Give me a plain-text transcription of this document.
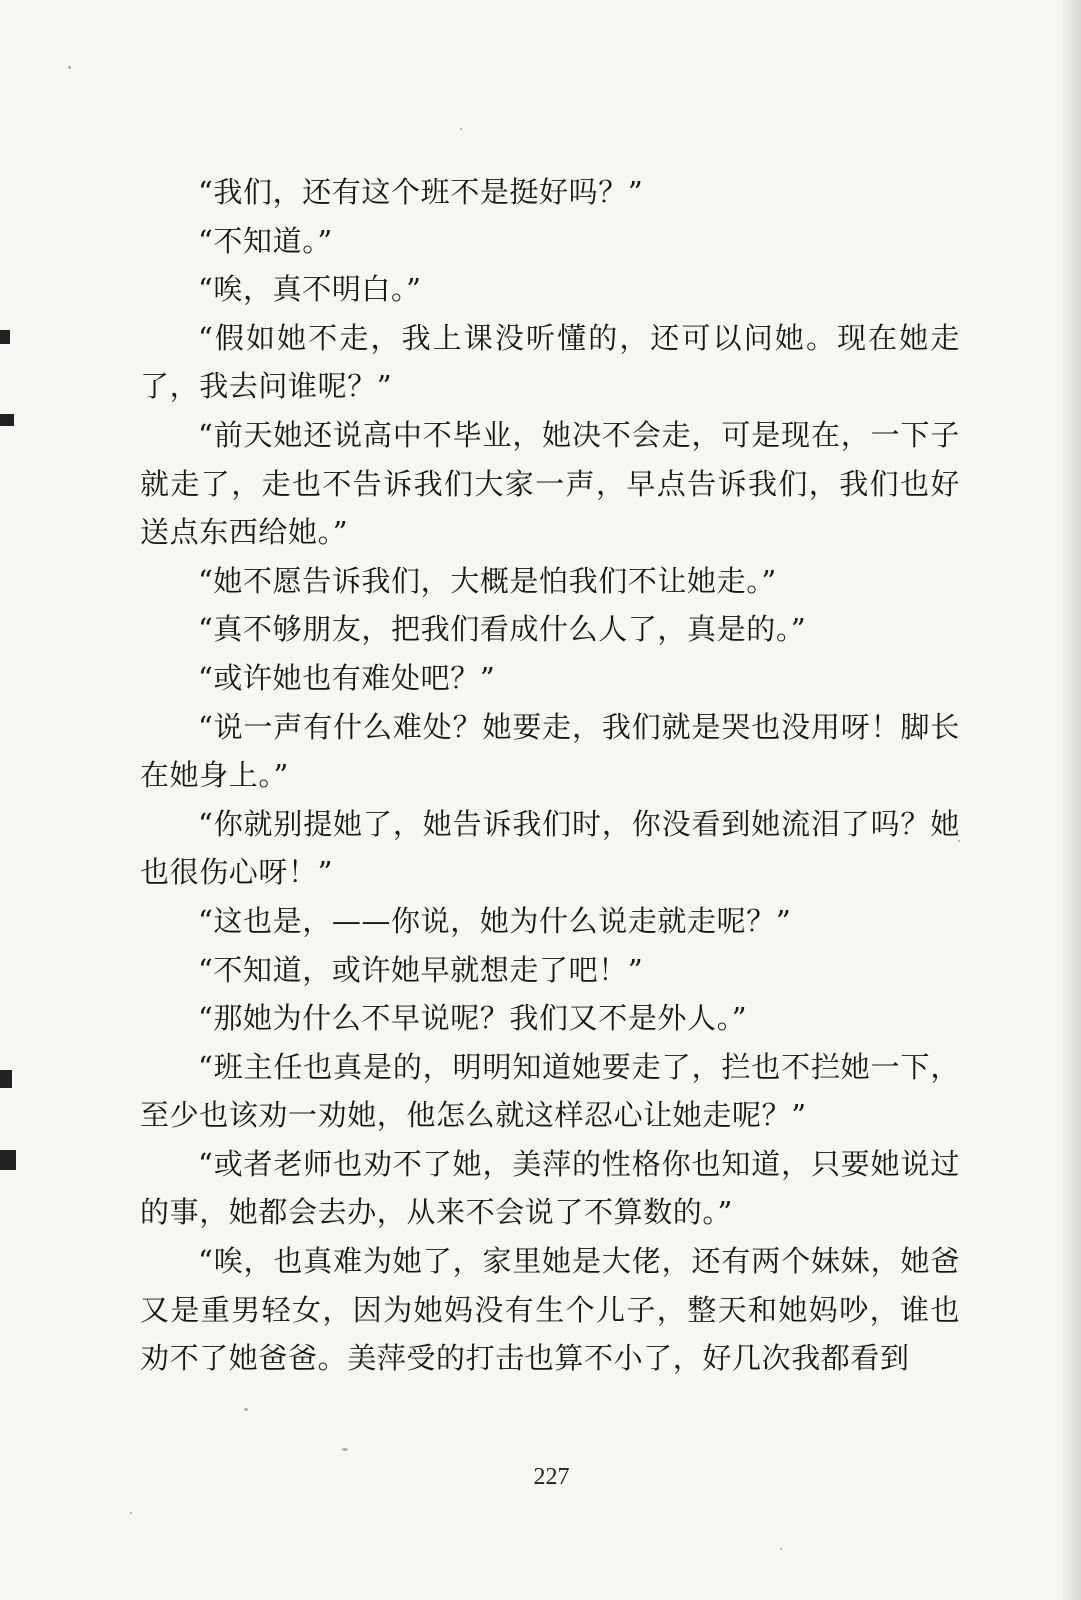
“我们，还有这个班不是挺好吗？”

“不知道。”

“唉，真不明白。”

“假如她不走，我上课没听懂的，还可以问她。现在她走了，我去问谁呢？”

“前天她还说高中不毕业，她决不会走，可是现在，一下子就走了，走也不告诉我们大家一声，早点告诉我们，我们也好送点东西给她。”

“她不愿告诉我们，大概是怕我们不让她走。”

“真不够朋友，把我们看成什么人了，真是的。”

“或许她也有难处吧？”

“说一声有什么难处？她要走，我们就是哭也没用呀！脚长在她身上。”

“你就别提她了，她告诉我们时，你没看到她流泪了吗？她也很伤心呀！”

“这也是，——你说，她为什么说走就走呢？”

“不知道，或许她早就想走了吧！”

“那她为什么不早说呢？我们又不是外人。”

“班主任也真是的，明明知道她要走了，拦也不拦她一下，至少也该劝一劝她，他怎么就这样忍心让她走呢？”

“或者老师也劝不了她，美萍的性格你也知道，只要她说过的事，她都会去办，从来不会说了不算数的。”

“唉，也真难为她了，家里她是大佬，还有两个妹妹，她爸又是重男轻女，因为她妈没有生个儿子，整天和她妈吵，谁也劝不了她爸爸。美萍受的打击也算不小了，好几次我都看到

227
